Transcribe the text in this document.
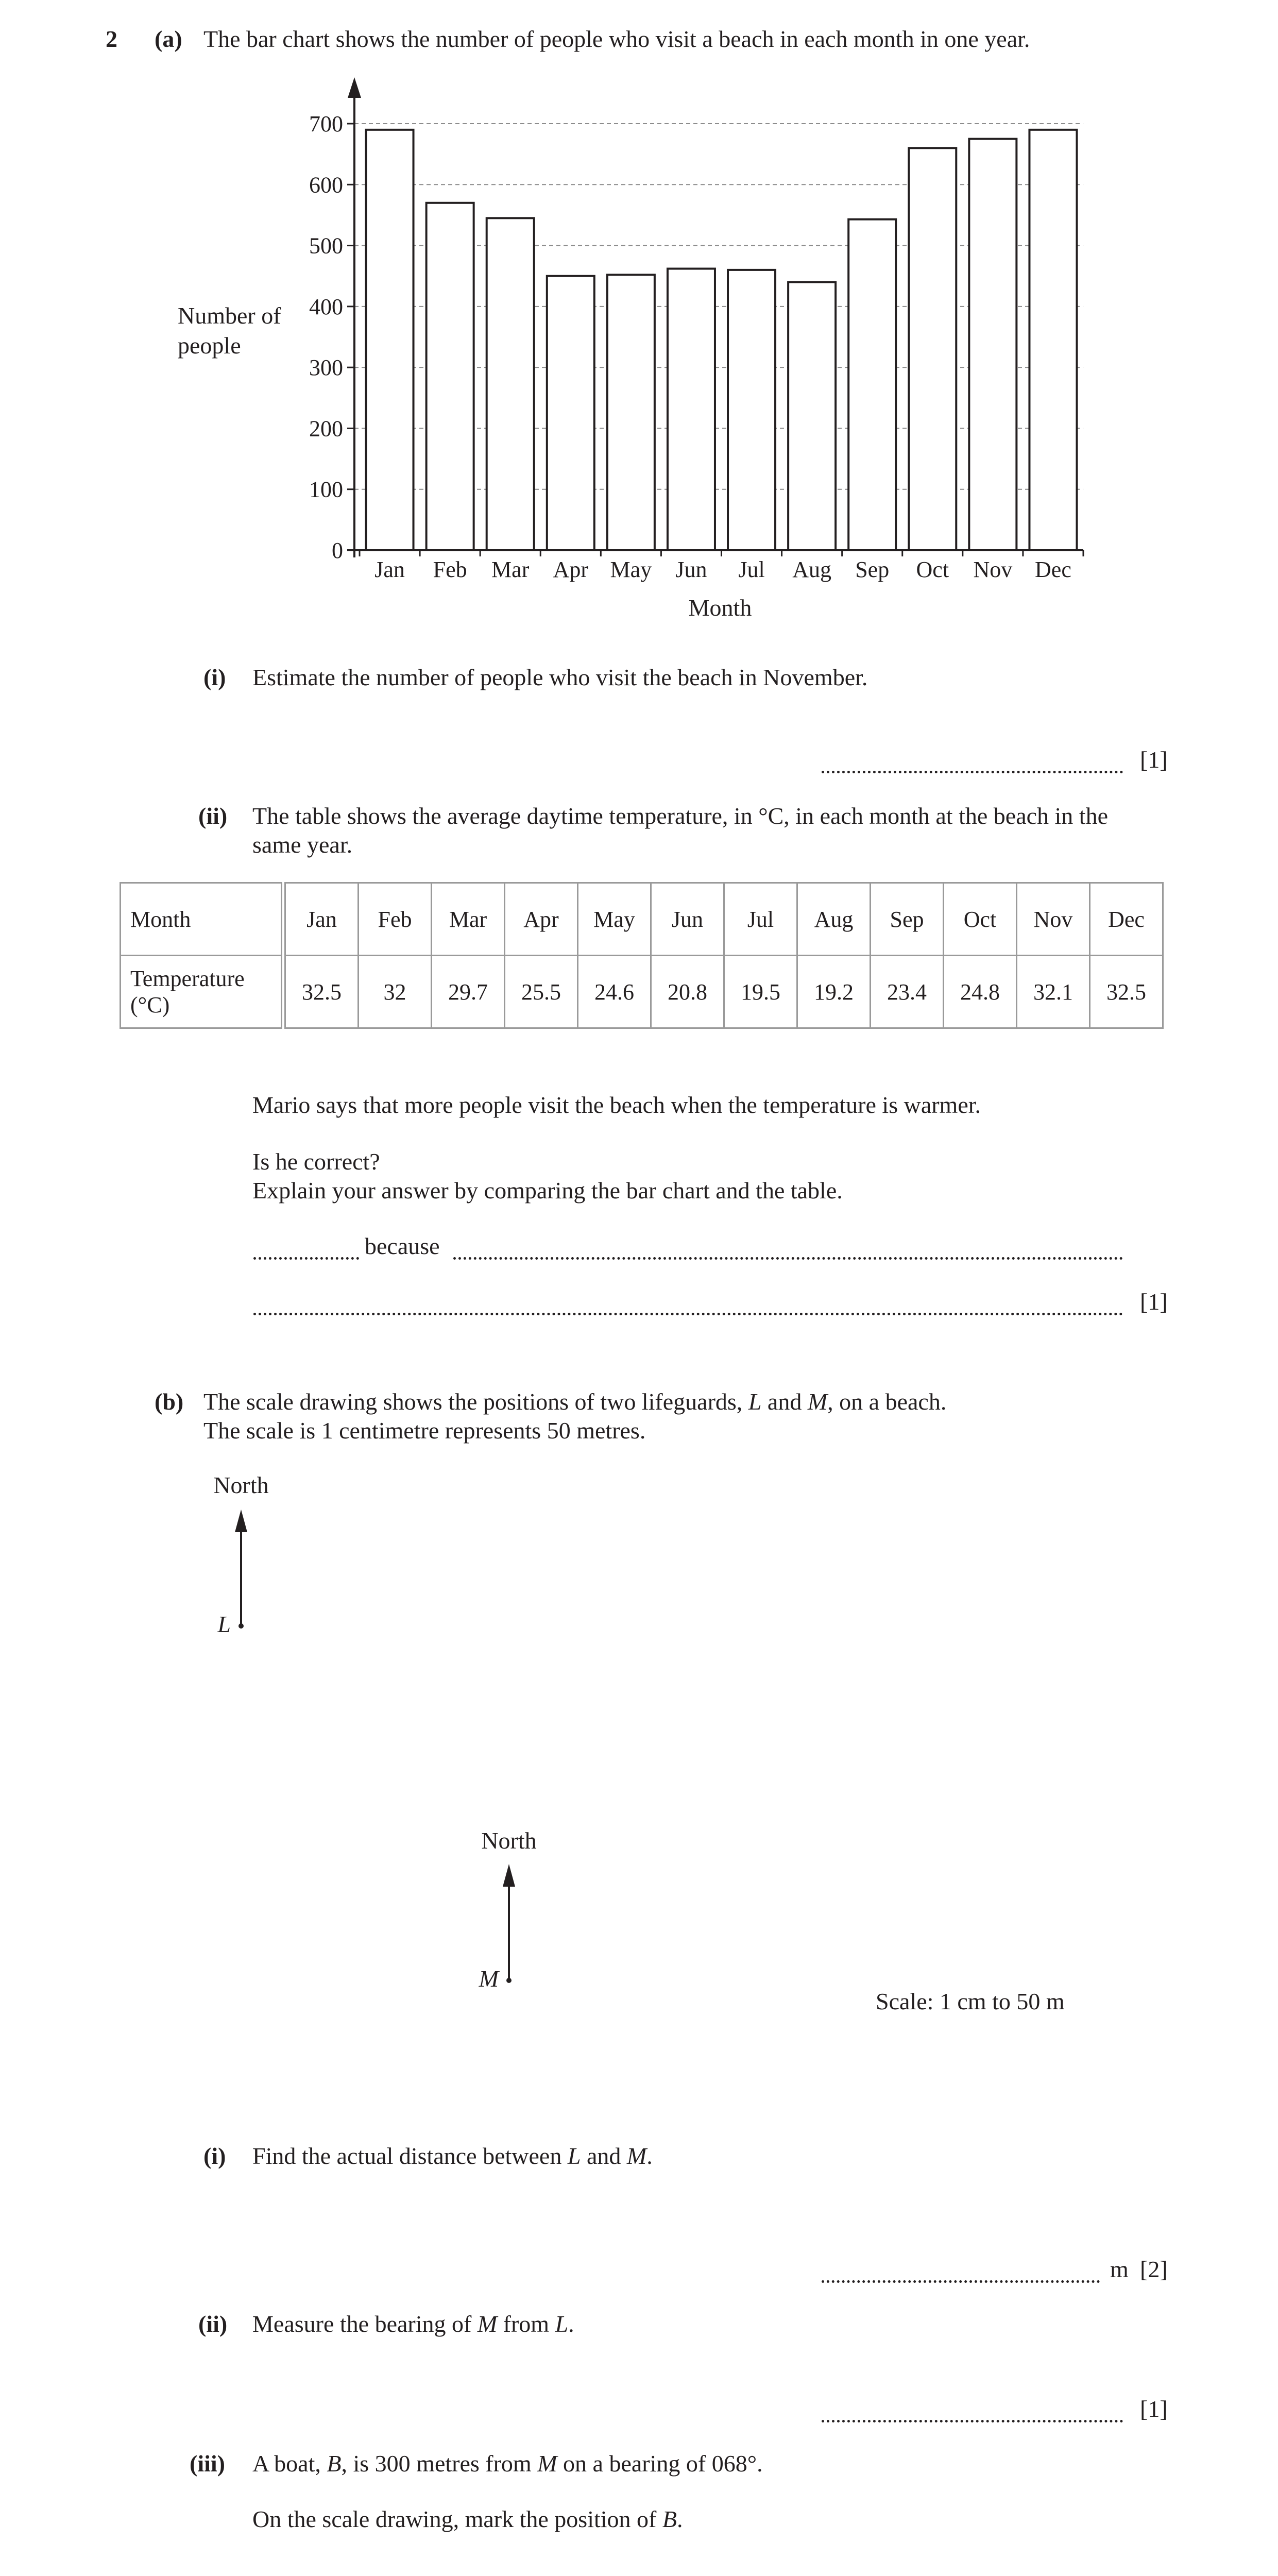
2 (a) The bar chart shows the number of people who visit a beach in each month in one year.
0
100
200
300
400
500
600
700
Jan Feb Mar Apr May Jun Jul Aug Sep Oct Nov Dec
Number of
people
Month
(i) Estimate the number of people who visit the beach in November.
[1]
(ii) The table shows the average daytime temperature, in °C, in each month at the beach in the
same year.
Month	Jan	Feb	Mar	Apr	May	Jun	Jul	Aug	Sep	Oct	Nov	Dec

Temperature
(°C)	32.5	32	29.7	25.5	24.6	20.8	19.5	19.2	23.4	24.8	32.1	32.5
Mario says that more people visit the beach when the temperature is warmer.
Is he correct?
Explain your answer by comparing the bar chart and the table.
because
[1]
(b) The scale drawing shows the positions of two lifeguards, L and M, on a beach.
The scale is 1 centimetre represents 50 metres.
North
L
North
M
Scale: 1 cm to 50 m
(i) Find the actual distance between L and M.
m [2]
(ii) Measure the bearing of M from L.
[1]
(iii) A boat, B, is 300 metres from M on a bearing of 068°.
On the scale drawing, mark the position of B.
